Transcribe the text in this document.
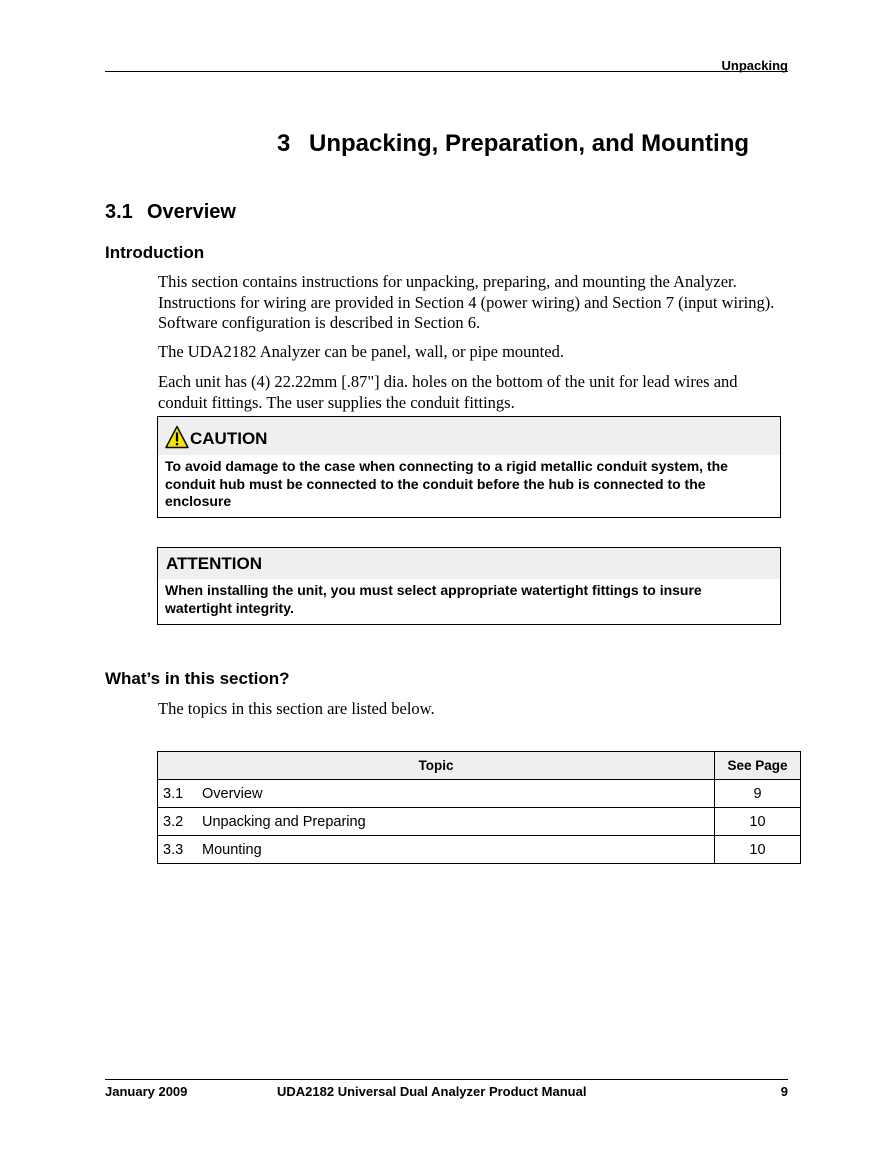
Unpacking
3 Unpacking, Preparation, and Mounting
3.1 Overview
Introduction
This section contains instructions for unpacking, preparing, and mounting the Analyzer. Instructions for wiring are provided in Section 4 (power wiring) and Section 7 (input wiring). Software configuration is described in Section 6.
The UDA2182 Analyzer can be panel, wall, or pipe mounted.
Each unit has (4) 22.22mm [.87"] dia. holes on the bottom of the unit for lead wires and conduit fittings. The user supplies the conduit fittings.
CAUTION
To avoid damage to the case when connecting to a rigid metallic conduit system, the conduit hub must be connected to the conduit before the hub is connected to the enclosure
ATTENTION
When installing the unit, you must select appropriate watertight fittings to insure watertight integrity.
What’s in this section?
The topics in this section are listed below.
Topic	See Page
3.1 Overview	9
3.2 Unpacking and Preparing	10
3.3 Mounting	10
January 2009	UDA2182 Universal Dual Analyzer Product Manual	9
